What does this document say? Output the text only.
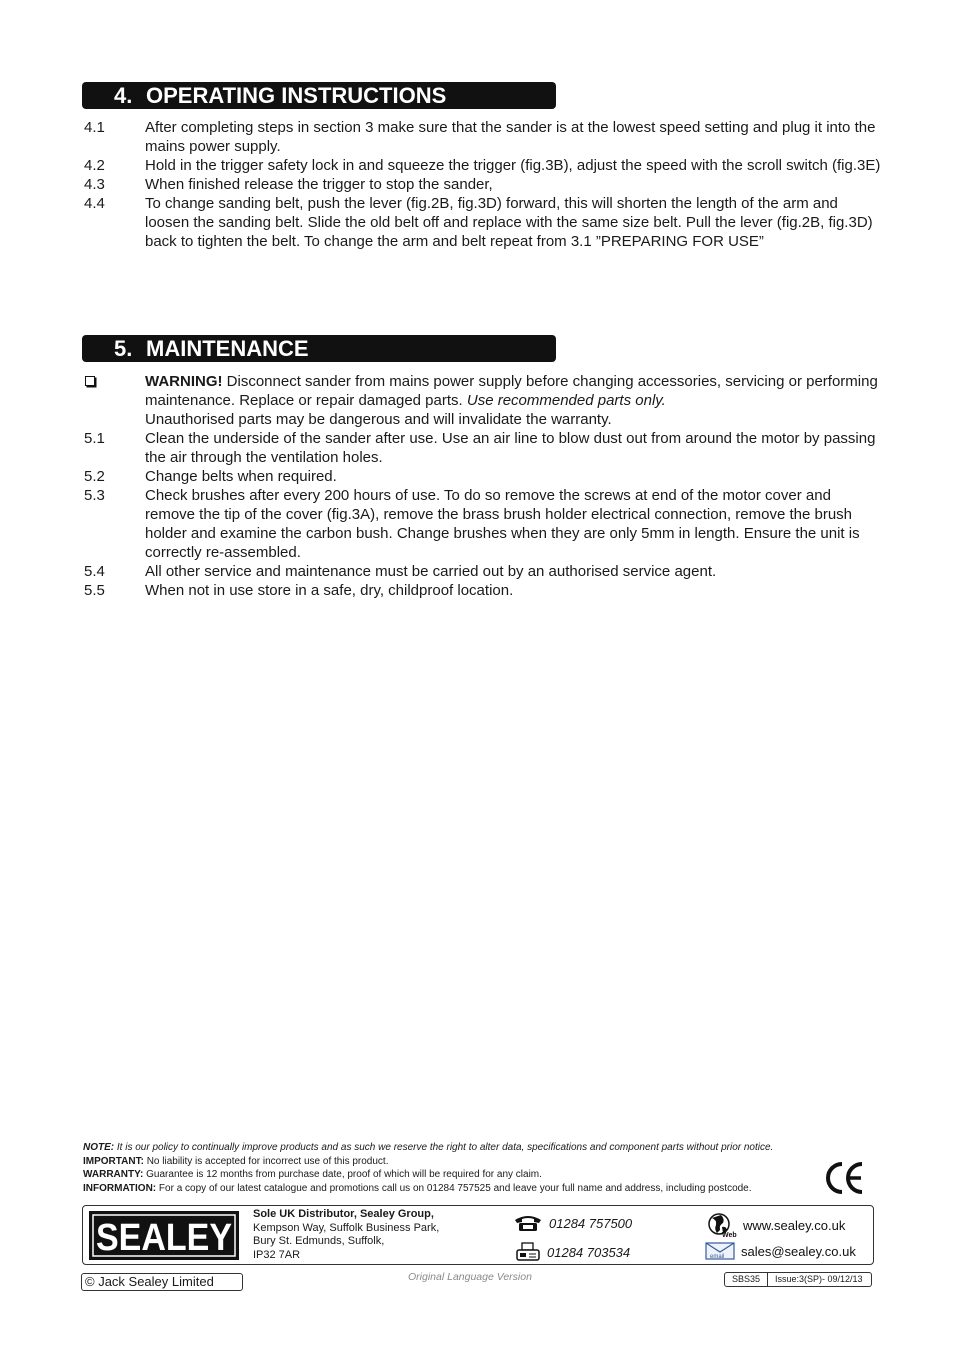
4. OPERATING INSTRUCTIONS
4.1	After completing steps in section 3 make sure that the sander is at the lowest speed setting and plug it into the mains power supply.
4.2	Hold in the trigger safety lock in and squeeze the trigger (fig.3B), adjust the speed with the scroll switch (fig.3E)
4.3	When finished release the trigger to stop the sander,
4.4	To change sanding belt, push the lever (fig.2B, fig.3D) forward, this will shorten the length of the arm and loosen the sanding belt. Slide the old belt off and replace with the same size belt. Pull the lever (fig.2B, fig.3D) back to tighten the belt. To change the arm and belt repeat from 3.1 ”PREPARING FOR USE”
5. MAINTENANCE
WARNING! Disconnect sander from mains power supply before changing accessories, servicing or performing maintenance. Replace or repair damaged parts. Use recommended parts only.
Unauthorised parts may be dangerous and will invalidate the warranty.
5.1	Clean the underside of the sander after use. Use an air line to blow dust out from around the motor by passing the air through the ventilation holes.
5.2	Change belts when required.
5.3	Check brushes after every 200 hours of use. To do so remove the screws at end of the motor cover and remove the tip of the cover (fig.3A), remove the brass brush holder electrical connection, remove the brush holder and examine the carbon bush. Change brushes when they are only 5mm in length. Ensure the unit is correctly re-assembled.
5.4	All other service and maintenance must be carried out by an authorised service agent.
5.5	When not in use store in a safe, dry, childproof location.
NOTE: It is our policy to continually improve products and as such we reserve the right to alter data, specifications and component parts without prior notice.
IMPORTANT: No liability is accepted for incorrect use of this product.
WARRANTY: Guarantee is 12 months from purchase date, proof of which will be required for any claim.
INFORMATION: For a copy of our latest catalogue and promotions call us on 01284 757525 and leave your full name and address, including postcode.
SEALEY
Sole UK Distributor, Sealey Group,
Kempson Way, Suffolk Business Park,
Bury St. Edmunds, Suffolk,
IP32 7AR
01284 757500
01284 703534
Web
www.sealey.co.uk
email sales@sealey.co.uk
© Jack Sealey Limited	Original Language Version	SBS35	Issue:3(SP)- 09/12/13
